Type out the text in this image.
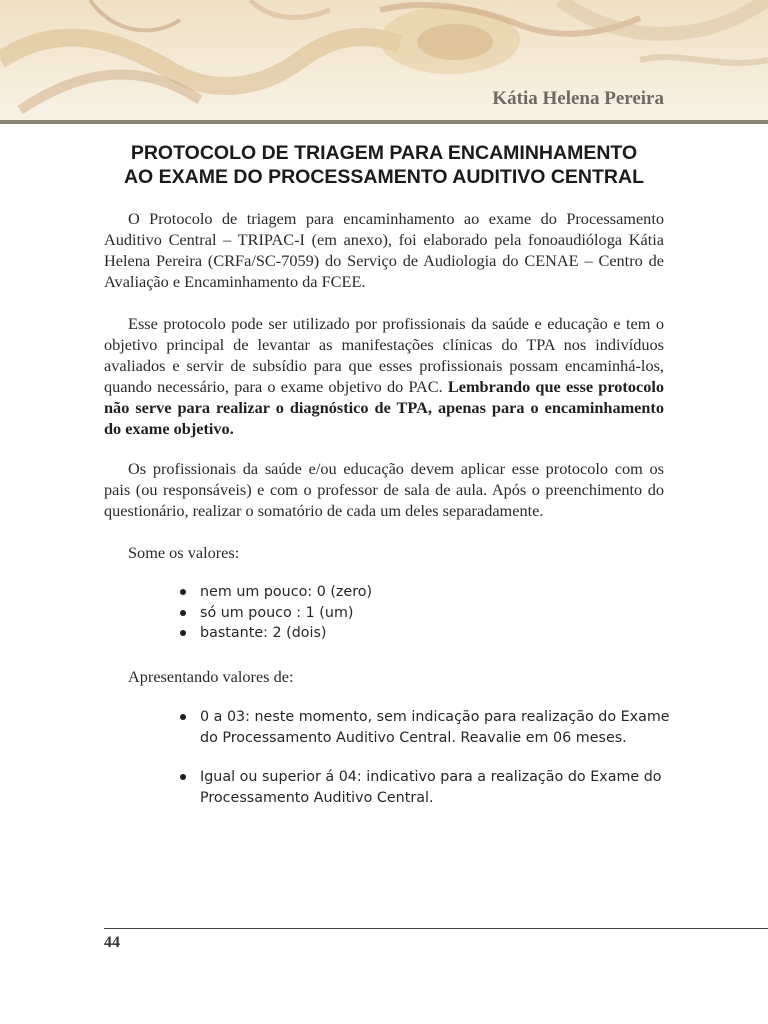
Kátia Helena Pereira
PROTOCOLO DE TRIAGEM PARA ENCAMINHAMENTO
AO EXAME DO PROCESSAMENTO AUDITIVO CENTRAL
O Protocolo de triagem para encaminhamento ao exame do Processamento Auditivo Central – TRIPAC-I (em anexo), foi elaborado pela fonoaudióloga Kátia Helena Pereira (CRFa/SC-7059) do Serviço de Audiologia do CENAE – Centro de Avaliação e Encaminhamento da FCEE.
Esse protocolo pode ser utilizado por profissionais da saúde e educação e tem o objetivo principal de levantar as manifestações clínicas do TPA nos indivíduos avaliados e servir de subsídio para que esses profissionais possam encaminhá-los, quando necessário, para o exame objetivo do PAC. Lembrando que esse protocolo não serve para realizar o diagnóstico de TPA, apenas para o encaminhamento do exame objetivo.
Os profissionais da saúde e/ou educação devem aplicar esse protocolo com os pais (ou responsáveis) e com o professor de sala de aula. Após o preenchimento do questionário, realizar o somatório de cada um deles separadamente.
Some os valores:
nem um pouco: 0 (zero)
só um pouco : 1 (um)
bastante: 2 (dois)
Apresentando valores de:
0 a 03: neste momento, sem indicação para realização do Exame do Processamento Auditivo Central. Reavalie em 06 meses.
Igual ou superior á 04: indicativo para a realização do Exame do Processamento Auditivo Central.
44
